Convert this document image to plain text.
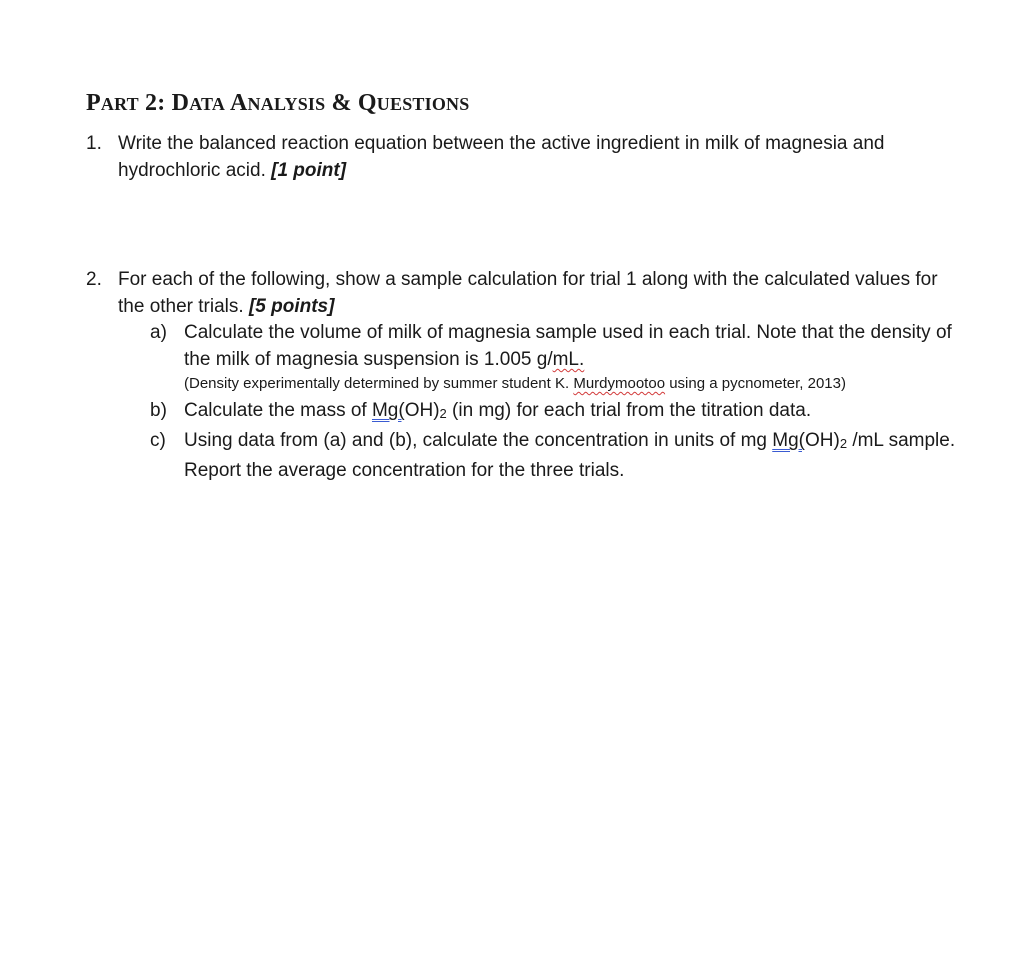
PART 2: DATA ANALYSIS & QUESTIONS
1. Write the balanced reaction equation between the active ingredient in milk of magnesia and hydrochloric acid. [1 point]
2. For each of the following, show a sample calculation for trial 1 along with the calculated values for the other trials. [5 points]
a) Calculate the volume of milk of magnesia sample used in each trial. Note that the density of the milk of magnesia suspension is 1.005 g/mL.
(Density experimentally determined by summer student K. Murdymootoo using a pycnometer, 2013)
b) Calculate the mass of $Mg(OH)_2$ (in mg) for each trial from the titration data.
c) Using data from (a) and (b), calculate the concentration in units of mg $Mg(OH)_2$ /mL sample. Report the average concentration for the three trials.
